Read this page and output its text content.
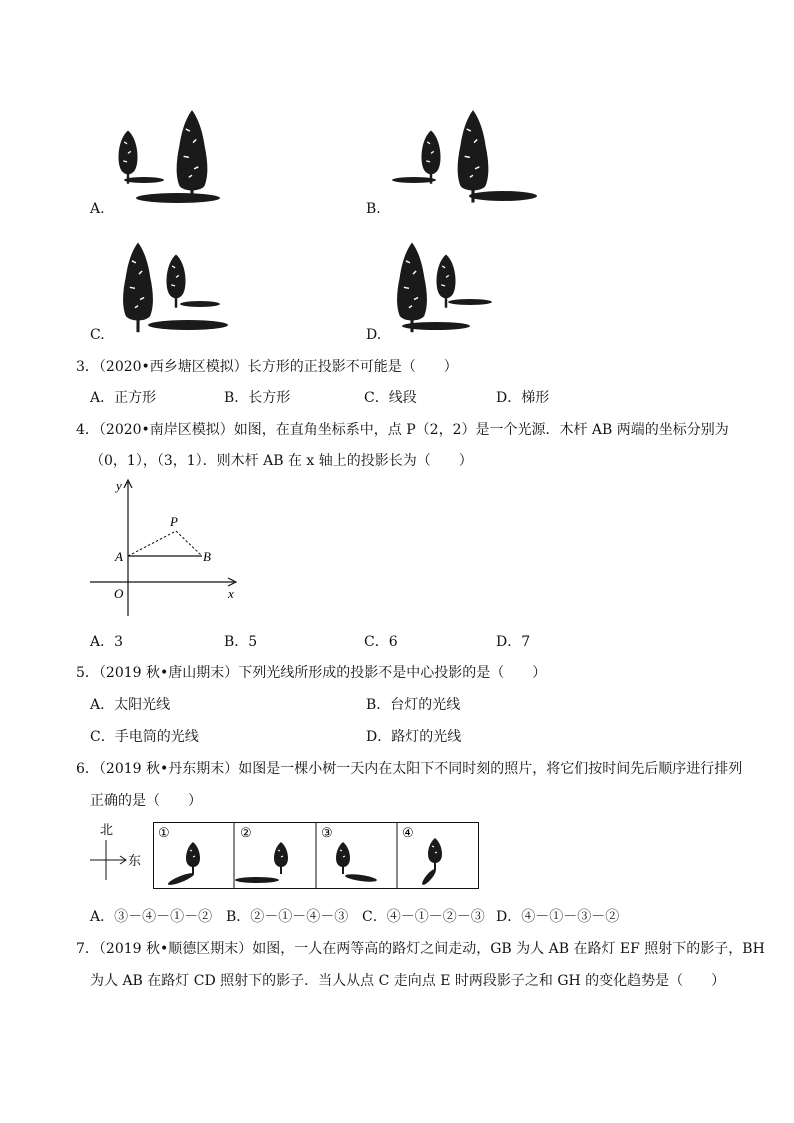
A.	B.
C.	D.
3．（2020•西乡塘区模拟）长方形的正投影不可能是（　　）
A．正方形	B．长方形	C．线段	D．梯形
4．（2020•南岸区模拟）如图，在直角坐标系中，点 P（2，2）是一个光源．木杆 AB 两端的坐标分别为
（0，1），（3，1）．则木杆 AB 在 x 轴上的投影长为（　　）
y
x
O
A	B
P
A．3	B．5	C．6	D．7
5．（2019 秋•唐山期末）下列光线所形成的投影不是中心投影的是（　　）
A．太阳光线	B．台灯的光线
C．手电筒的光线	D．路灯的光线
6．（2019 秋•丹东期末）如图是一棵小树一天内在太阳下不同时刻的照片，将它们按时间先后顺序进行排列
正确的是（　　）
北
东
①	②	③	④
A．③－④－①－② B．②－①－④－③ C．④－①－②－③ D．④－①－③－②
7．（2019 秋•顺德区期末）如图，一人在两等高的路灯之间走动，GB 为人 AB 在路灯 EF 照射下的影子，BH
为人 AB 在路灯 CD 照射下的影子．当人从点 C 走向点 E 时两段影子之和 GH 的变化趋势是（　　）
